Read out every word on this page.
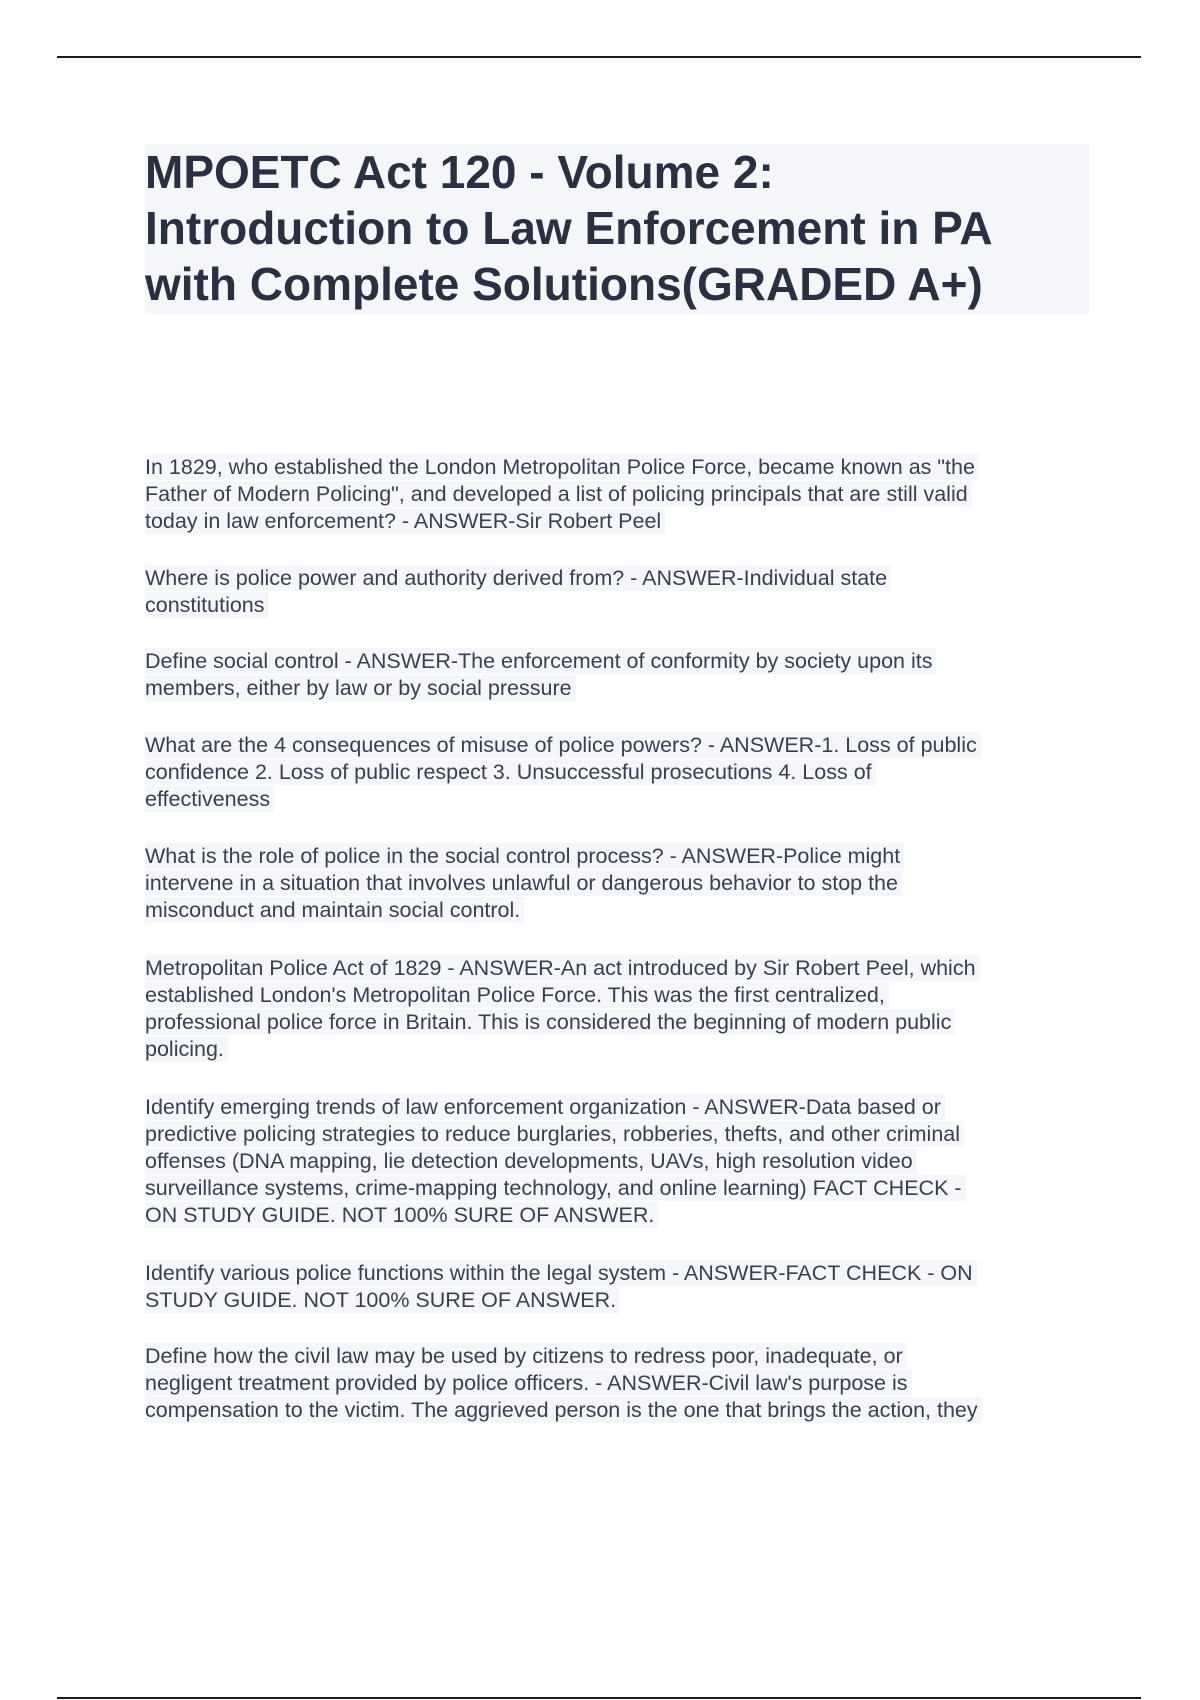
MPOETC Act 120 - Volume 2:

Introduction to Law Enforcement in PA

with Complete Solutions(GRADED A+)

In 1829, who established the London Metropolitan Police Force, became known as "the
Father of Modern Policing", and developed a list of policing principals that are still valid
today in law enforcement? - ANSWER-Sir Robert Peel
Where is police power and authority derived from? - ANSWER-Individual state
constitutions
Define social control - ANSWER-The enforcement of conformity by society upon its
members, either by law or by social pressure
What are the 4 consequences of misuse of police powers? - ANSWER-1. Loss of public
confidence 2. Loss of public respect 3. Unsuccessful prosecutions 4. Loss of
effectiveness
What is the role of police in the social control process? - ANSWER-Police might
intervene in a situation that involves unlawful or dangerous behavior to stop the
misconduct and maintain social control.
Metropolitan Police Act of 1829 - ANSWER-An act introduced by Sir Robert Peel, which
established London's Metropolitan Police Force. This was the first centralized,
professional police force in Britain. This is considered the beginning of modern public
policing.
Identify emerging trends of law enforcement organization - ANSWER-Data based or
predictive policing strategies to reduce burglaries, robberies, thefts, and other criminal
offenses (DNA mapping, lie detection developments, UAVs, high resolution video
surveillance systems, crime-mapping technology, and online learning) FACT CHECK -
ON STUDY GUIDE. NOT 100% SURE OF ANSWER.
Identify various police functions within the legal system - ANSWER-FACT CHECK - ON
STUDY GUIDE. NOT 100% SURE OF ANSWER.
Define how the civil law may be used by citizens to redress poor, inadequate, or
negligent treatment provided by police officers. - ANSWER-Civil law's purpose is
compensation to the victim. The aggrieved person is the one that brings the action, they
